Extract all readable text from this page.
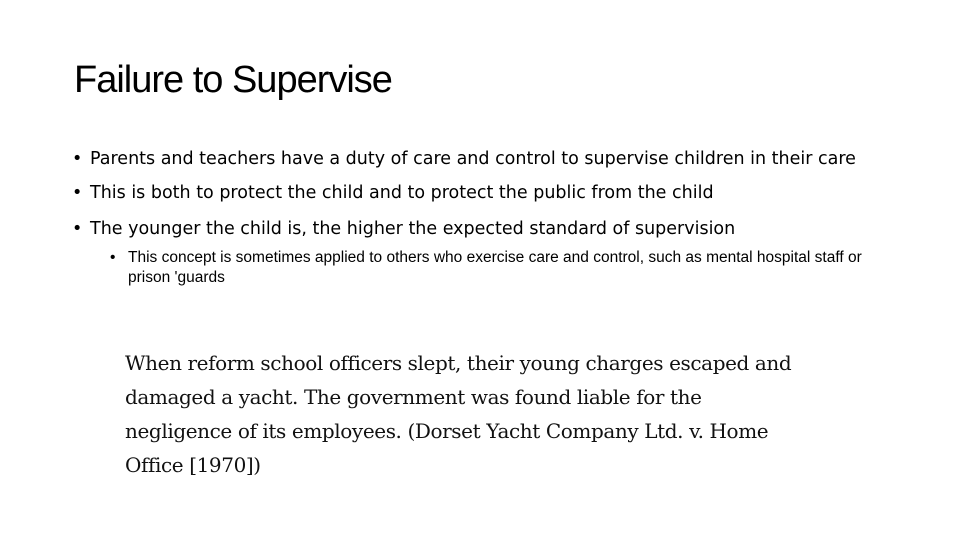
Failure to Supervise
• Parents and teachers have a duty of care and control to supervise children in their care
• This is both to protect the child and to protect the public from the child
• The younger the child is, the higher the expected standard of supervision
• This concept is sometimes applied to others who exercise care and control, such as mental hospital staff or prison 'guards
When reform school officers slept, their young charges escaped and
damaged a yacht. The government was found liable for the
negligence of its employees. (Dorset Yacht Company Ltd. v. Home
Office [1970])
